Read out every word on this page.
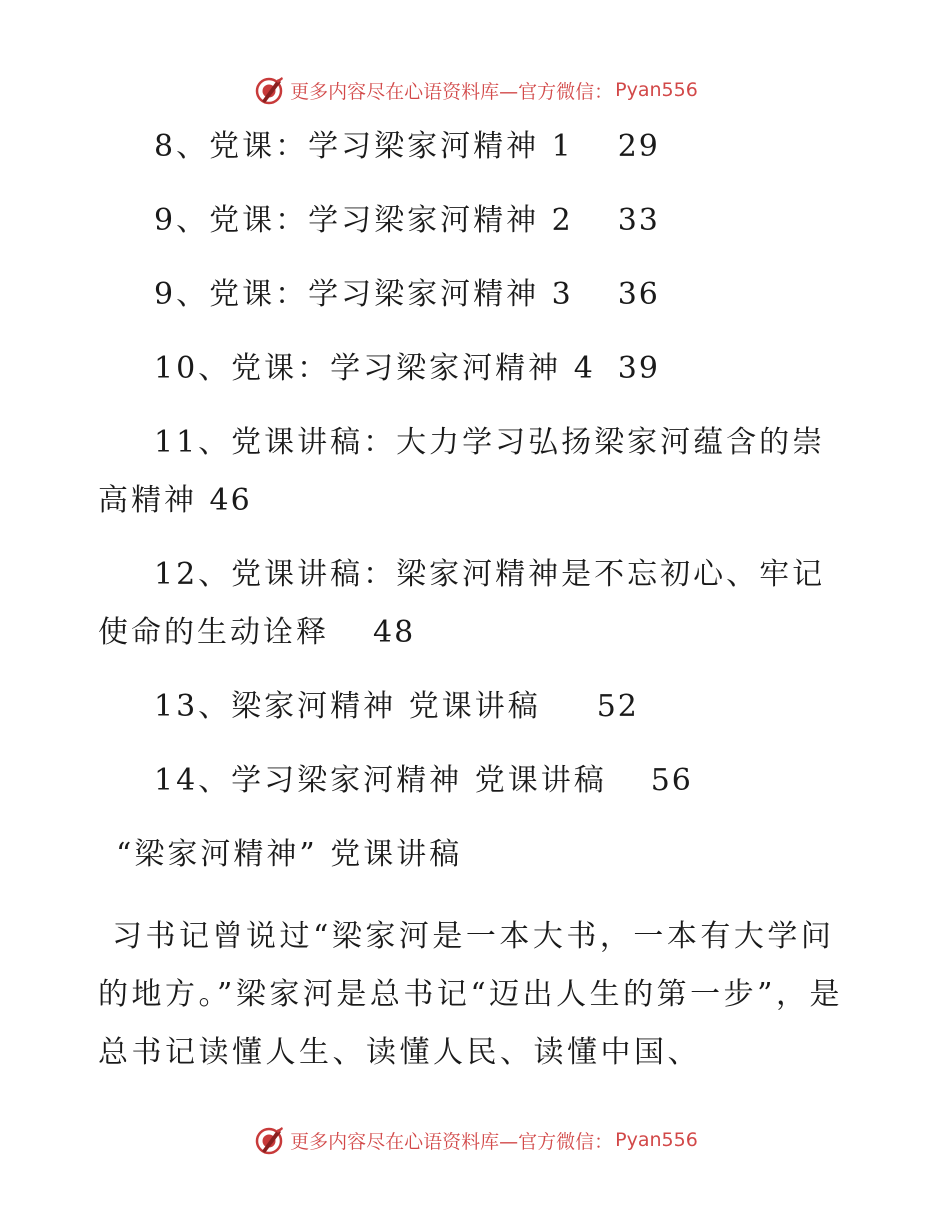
更多内容尽在心语资料库—官方微信： Pyan556

8、党课：学习梁家河精神 1 29

9、党课：学习梁家河精神 2 33

9、党课：学习梁家河精神 3 36

10、党课：学习梁家河精神 4 39

11、党课讲稿：大力学习弘扬梁家河蕴含的崇高精神 46

12、党课讲稿：梁家河精神是不忘初心、牢记使命的生动诠释 48

13、梁家河精神 党课讲稿 52

14、学习梁家河精神 党课讲稿 56

“梁家河精神” 党课讲稿

习书记曾说过“梁家河是一本大书，一本有大学问的地方。”梁家河是总书记“迈出人生的第一步”，是总书记读懂人生、读懂人民、读懂中国、

更多内容尽在心语资料库—官方微信： Pyan556
